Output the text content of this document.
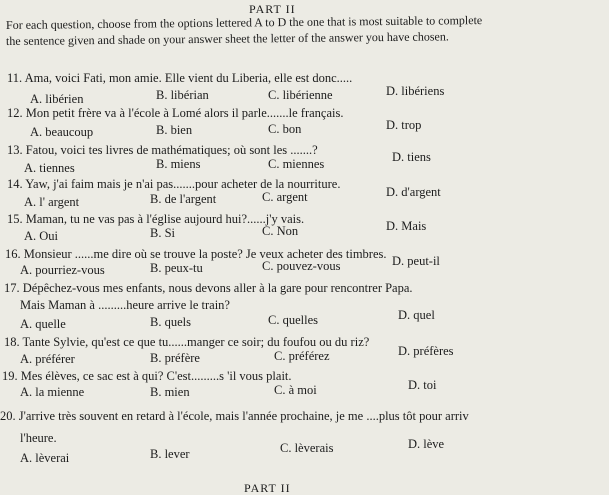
PART II
For each question, choose from the options lettered A to D the one that is most suitable to complete
the sentence given and shade on your answer sheet the letter of the answer you have chosen.
11. Ama, voici Fati, mon amie. Elle vient du Liberia, elle est donc.....
A. libérien	B. libérian	C. libérienne	D. libériens
12. Mon petit frère va à l'école à Lomé alors il parle.......le français.
A. beaucoup	B. bien	C. bon	D. trop
13. Fatou, voici tes livres de mathématiques; où sont les .......?
A. tiennes	B. miens	C. miennes	D. tiens
14. Yaw, j'ai faim mais je n'ai pas.......pour acheter de la nourriture.
A. l' argent	B. de l'argent	C. argent	D. d'argent
15. Maman, tu ne vas pas à l'église aujourd hui?......j'y vais.
A. Oui	B. Si	C. Non	D. Mais
16. Monsieur ......me dire où se trouve la poste? Je veux acheter des timbres.
A. pourriez-vous	B. peux-tu	C. pouvez-vous	D. peut-il
17. Dépêchez-vous mes enfants, nous devons aller à la gare pour rencontrer Papa.
Mais Maman à .........heure arrive le train?
A. quelle	B. quels	C. quelles	D. quel
18. Tante Sylvie, qu'est ce que tu......manger ce soir; du foufou ou du riz?
A. préférer	B. préfère	C. préférez	D. préfères
19. Mes élèves, ce sac est à qui? C'est.........s 'il vous plait.
A. la mienne	B. mien	C. à moi	D. toi
20. J'arrive très souvent en retard à l'école, mais l'année prochaine, je me ....plus tôt pour arriv
l'heure.
A. lèverai	B. lever	C. lèverais	D. lève
PART II
